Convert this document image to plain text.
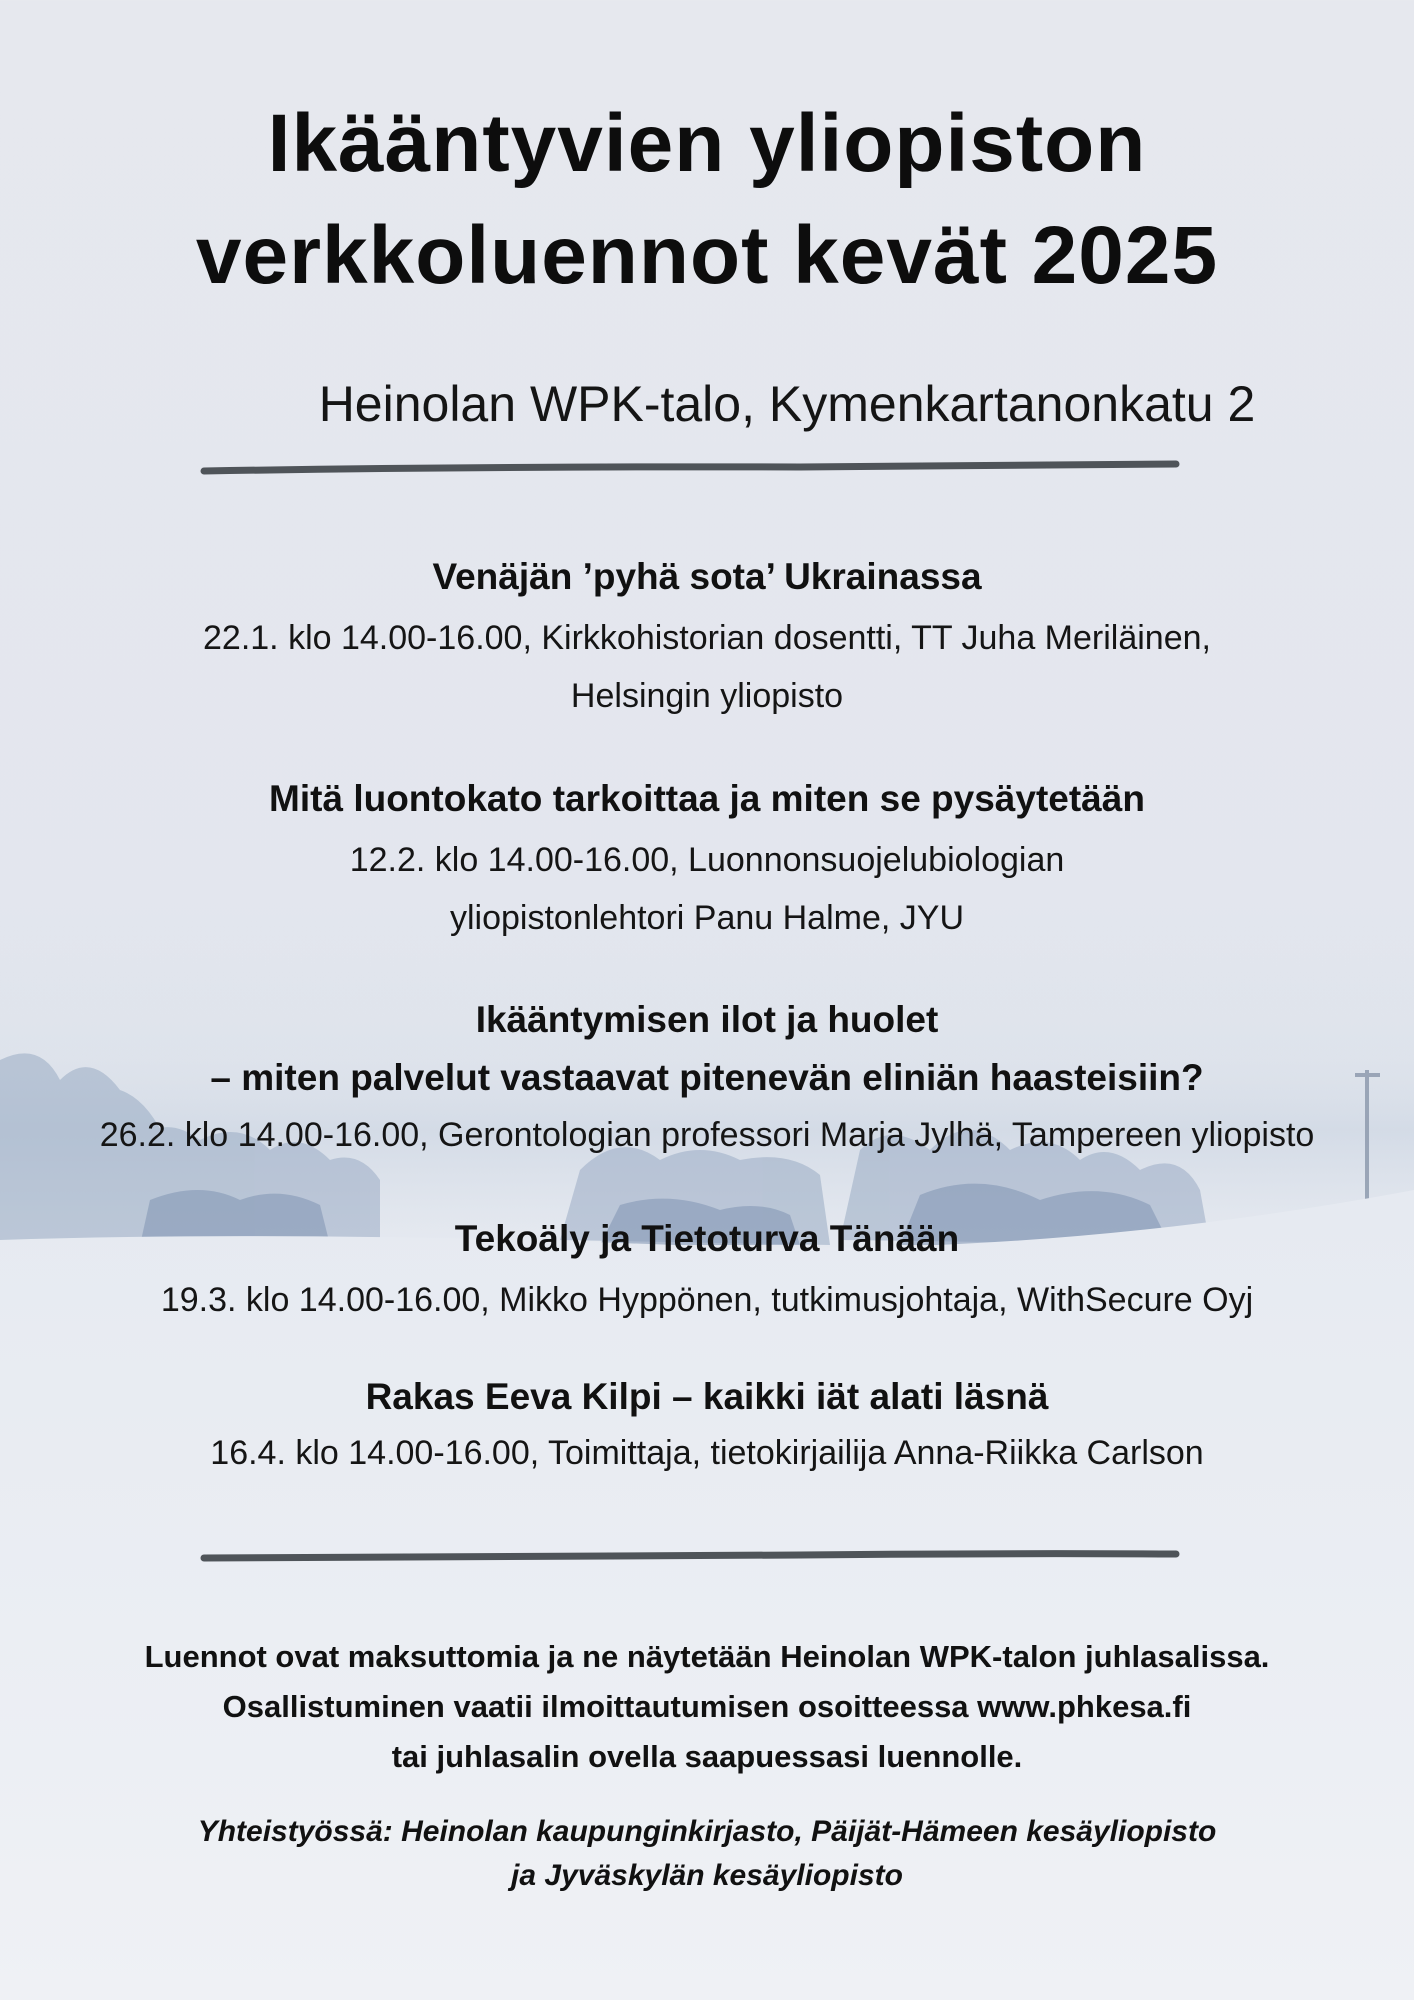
Ikääntyvien yliopiston
verkkoluennot kevät 2025
Heinolan WPK-talo, Kymenkartanonkatu 2
Venäjän ’pyhä sota’ Ukrainassa
22.1. klo 14.00-16.00, Kirkkohistorian dosentti, TT Juha Meriläinen,
Helsingin yliopisto
Mitä luontokato tarkoittaa ja miten se pysäytetään
12.2. klo 14.00-16.00, Luonnonsuojelubiologian
yliopistonlehtori Panu Halme, JYU
Ikääntymisen ilot ja huolet
– miten palvelut vastaavat pitenevän eliniän haasteisiin?
26.2. klo 14.00-16.00, Gerontologian professori Marja Jylhä, Tampereen yliopisto
Tekoäly ja Tietoturva Tänään
19.3. klo 14.00-16.00, Mikko Hyppönen, tutkimusjohtaja, WithSecure Oyj
Rakas Eeva Kilpi – kaikki iät alati läsnä
16.4. klo 14.00-16.00, Toimittaja, tietokirjailija Anna-Riikka Carlson
Luennot ovat maksuttomia ja ne näytetään Heinolan WPK-talon juhlasalissa.
Osallistuminen vaatii ilmoittautumisen osoitteessa www.phkesa.fi
tai juhlasalin ovella saapuessasi luennolle.
Yhteistyössä: Heinolan kaupunginkirjasto, Päijät-Hämeen kesäyliopisto
ja Jyväskylän kesäyliopisto
